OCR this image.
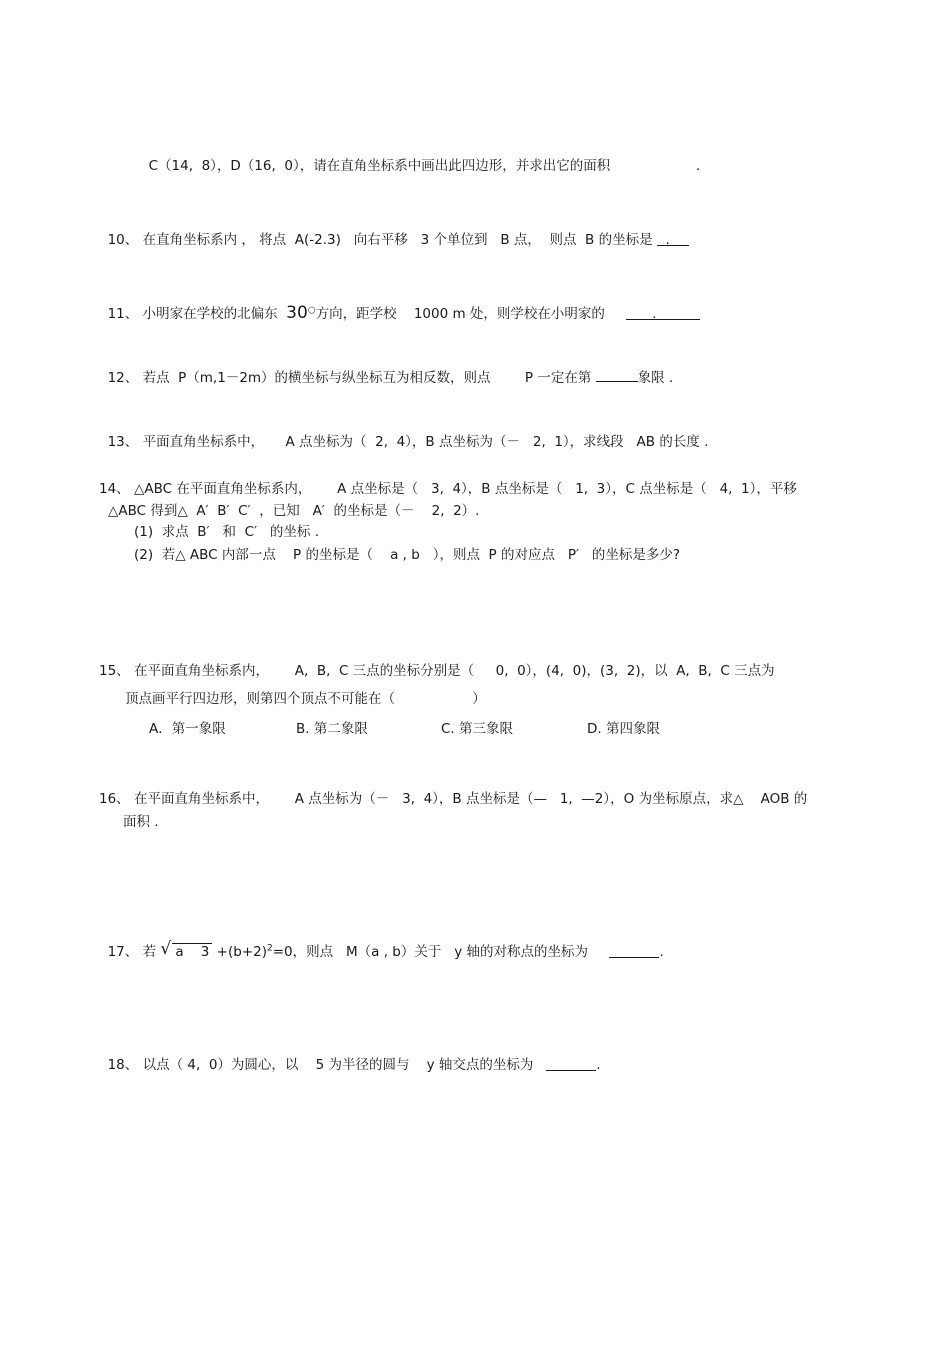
C（14,  8），D（16,  0），请在直角坐标系中画出此四边形，并求出它的面积	.

10、 在直角坐标系内 ， 将点  A(-2.3)   向右平移   3 个单位到   B 点，  则点  B 的坐标是   .

11、 小明家在学校的北偏东  30○方向，距学校    1000 m 处，则学校在小明家的           .

12、 若点  P（m,1－2m）的横坐标与纵坐标互为相反数，则点        P 一定在第	象限 .

13、 平面直角坐标系中，     A 点坐标为（  2,  4），B 点坐标为（－   2,  1），求线段   AB 的长度 .

14、 △ABC 在平面直角坐标系内，      A 点坐标是（   3,  4），B 点坐标是（   1,  3），C 点坐标是（   4,  1），平移
△ABC 得到△  A′  B′  C′  ，已知   A′  的坐标是（－    2,  2）.
(1)  求点  B′   和  C′   的坐标 .
(2)  若△ ABC 内部一点    P 的坐标是（    a , b   ），则点  P 的对应点   P′   的坐标是多少?
15、 在平面直角坐标系内，      A,  B,  C 三点的坐标分别是（     0,  0），(4,  0)，(3,  2)，以  A,  B,  C 三点为
顶点画平行四边形，则第四个顶点不可能在（                  ）
A．第一象限	B. 第二象限	C. 第三象限	D. 第四象限
16、 在平面直角坐标系中，      A 点坐标为（－   3,  4），B 点坐标是（—   1,  —2），O 为坐标原点，求△    AOB 的
面积 .

17、 若 √ a    $3 +(b+2)^2=0$，则点   M（a , b）关于   y 轴的对称点的坐标为	.

18、 以点（ 4,  0）为圆心，以    5 为半径的圆与    y 轴交点的坐标为	.
